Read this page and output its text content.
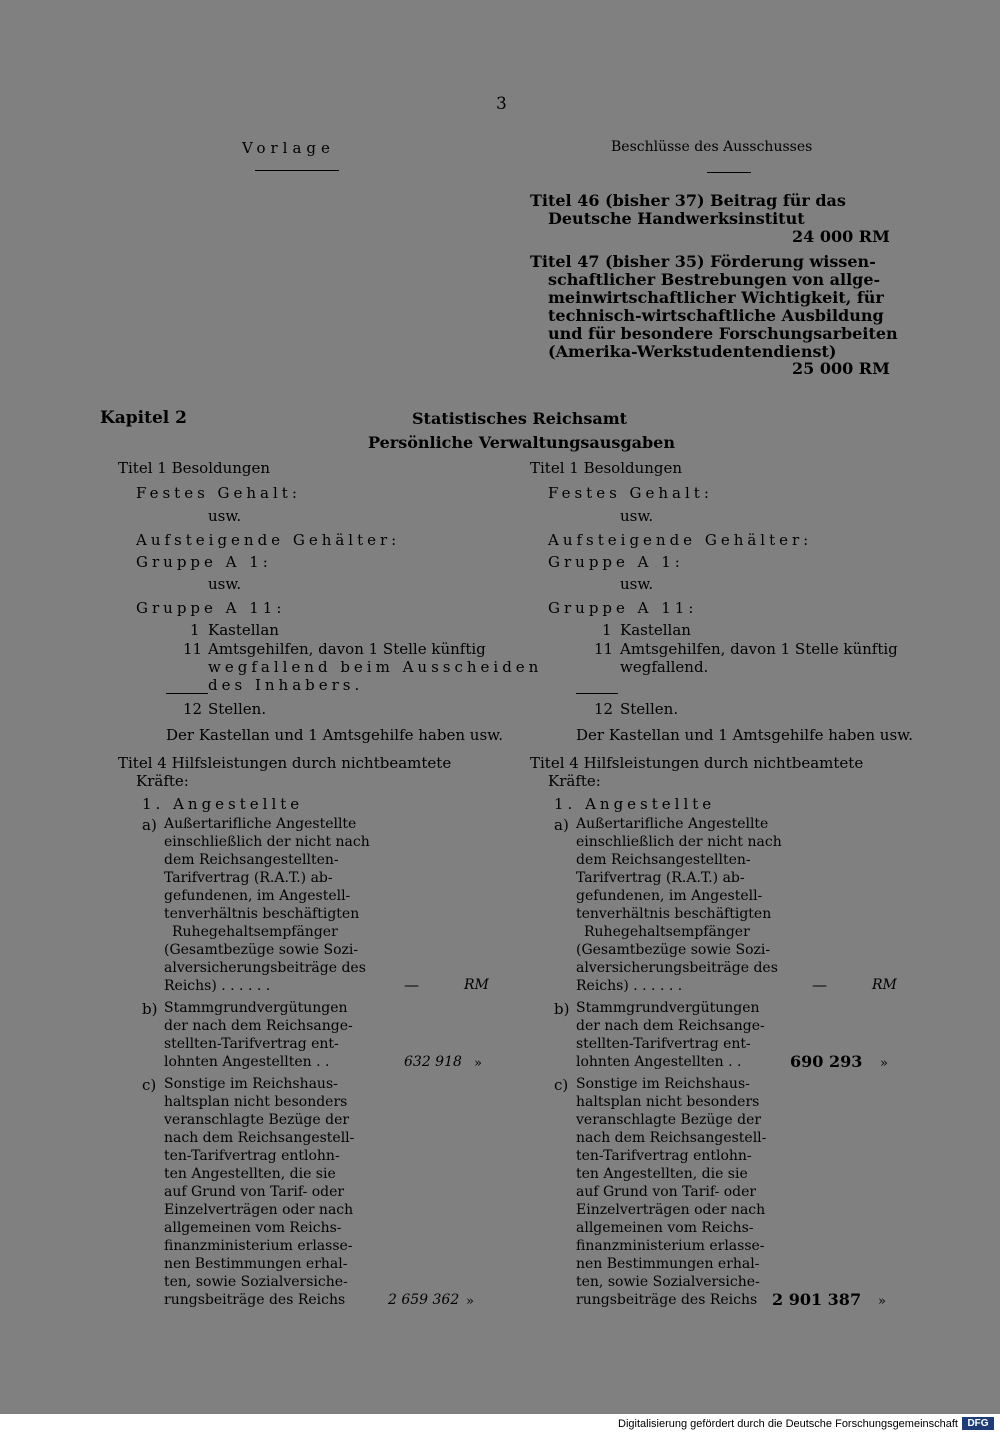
3
Vorlage	Beschlüsse des Ausschusses
Titel 46 (bisher 37) Beitrag für das
Deutsche Handwerksinstitut
24 000 RM
Titel 47 (bisher 35) Förderung wissen-
schaftlicher Bestrebungen von allge-
meinwirtschaftlicher Wichtigkeit, für
technisch-wirtschaftliche Ausbildung
und für besondere Forschungsarbeiten
(Amerika-Werkstudentendienst)
25 000 RM
Kapitel 2	Statistisches Reichsamt
Persönliche Verwaltungsausgaben
Titel 1 Besoldungen
Festes Gehalt:
usw.
Aufsteigende Gehälter:
Gruppe A 1:
usw.
Gruppe A 11:
1 Kastellan
11 Amtsgehilfen, davon 1 Stelle künftig
wegfallend beim Ausscheiden
des Inhabers.
12 Stellen.
Der Kastellan und 1 Amtsgehilfe haben usw.
Titel 4 Hilfsleistungen durch nichtbeamtete
Kräfte:
1. Angestellte
a) Außertarifliche Angestellte
einschließlich der nicht nach
dem Reichsangestellten-
Tarifvertrag (R.A.T.) ab-
gefundenen, im Angestell-
tenverhältnis beschäftigten
Ruhegehaltsempfänger
(Gesamtbezüge sowie Sozi-
alversicherungsbeiträge des
Reichs) . . . . . .	—	RM
b) Stammgrundvergütungen
der nach dem Reichsange-
stellten-Tarifvertrag ent-
lohnten Angestellten . .	632 918 »
c) Sonstige im Reichshaus-
haltsplan nicht besonders
veranschlagte Bezüge der
nach dem Reichsangestell-
ten-Tarifvertrag entlohn-
ten Angestellten, die sie
auf Grund von Tarif- oder
Einzelverträgen oder nach
allgemeinen vom Reichs-
finanzministerium erlasse-
nen Bestimmungen erhal-
ten, sowie Sozialversiche-
rungsbeiträge des Reichs	2 659 362 »
Titel 1 Besoldungen
Festes Gehalt:
usw.
Aufsteigende Gehälter:
Gruppe A 1:
usw.
Gruppe A 11:
1 Kastellan
11 Amtsgehilfen, davon 1 Stelle künftig
wegfallend.
12 Stellen.
Der Kastellan und 1 Amtsgehilfe haben usw.
Titel 4 Hilfsleistungen durch nichtbeamtete
Kräfte:
1. Angestellte
a) Außertarifliche Angestellte
einschließlich der nicht nach
dem Reichsangestellten-
Tarifvertrag (R.A.T.) ab-
gefundenen, im Angestell-
tenverhältnis beschäftigten
Ruhegehaltsempfänger
(Gesamtbezüge sowie Sozi-
alversicherungsbeiträge des
Reichs) . . . . . .	—	RM
b) Stammgrundvergütungen
der nach dem Reichsange-
stellten-Tarifvertrag ent-
lohnten Angestellten . .	690 293 »
c) Sonstige im Reichshaus-
haltsplan nicht besonders
veranschlagte Bezüge der
nach dem Reichsangestell-
ten-Tarifvertrag entlohn-
ten Angestellten, die sie
auf Grund von Tarif- oder
Einzelverträgen oder nach
allgemeinen vom Reichs-
finanzministerium erlasse-
nen Bestimmungen erhal-
ten, sowie Sozialversiche-
rungsbeiträge des Reichs 2 901 387 »
Digitalisierung gefördert durch die Deutsche Forschungsgemeinschaft DFG
